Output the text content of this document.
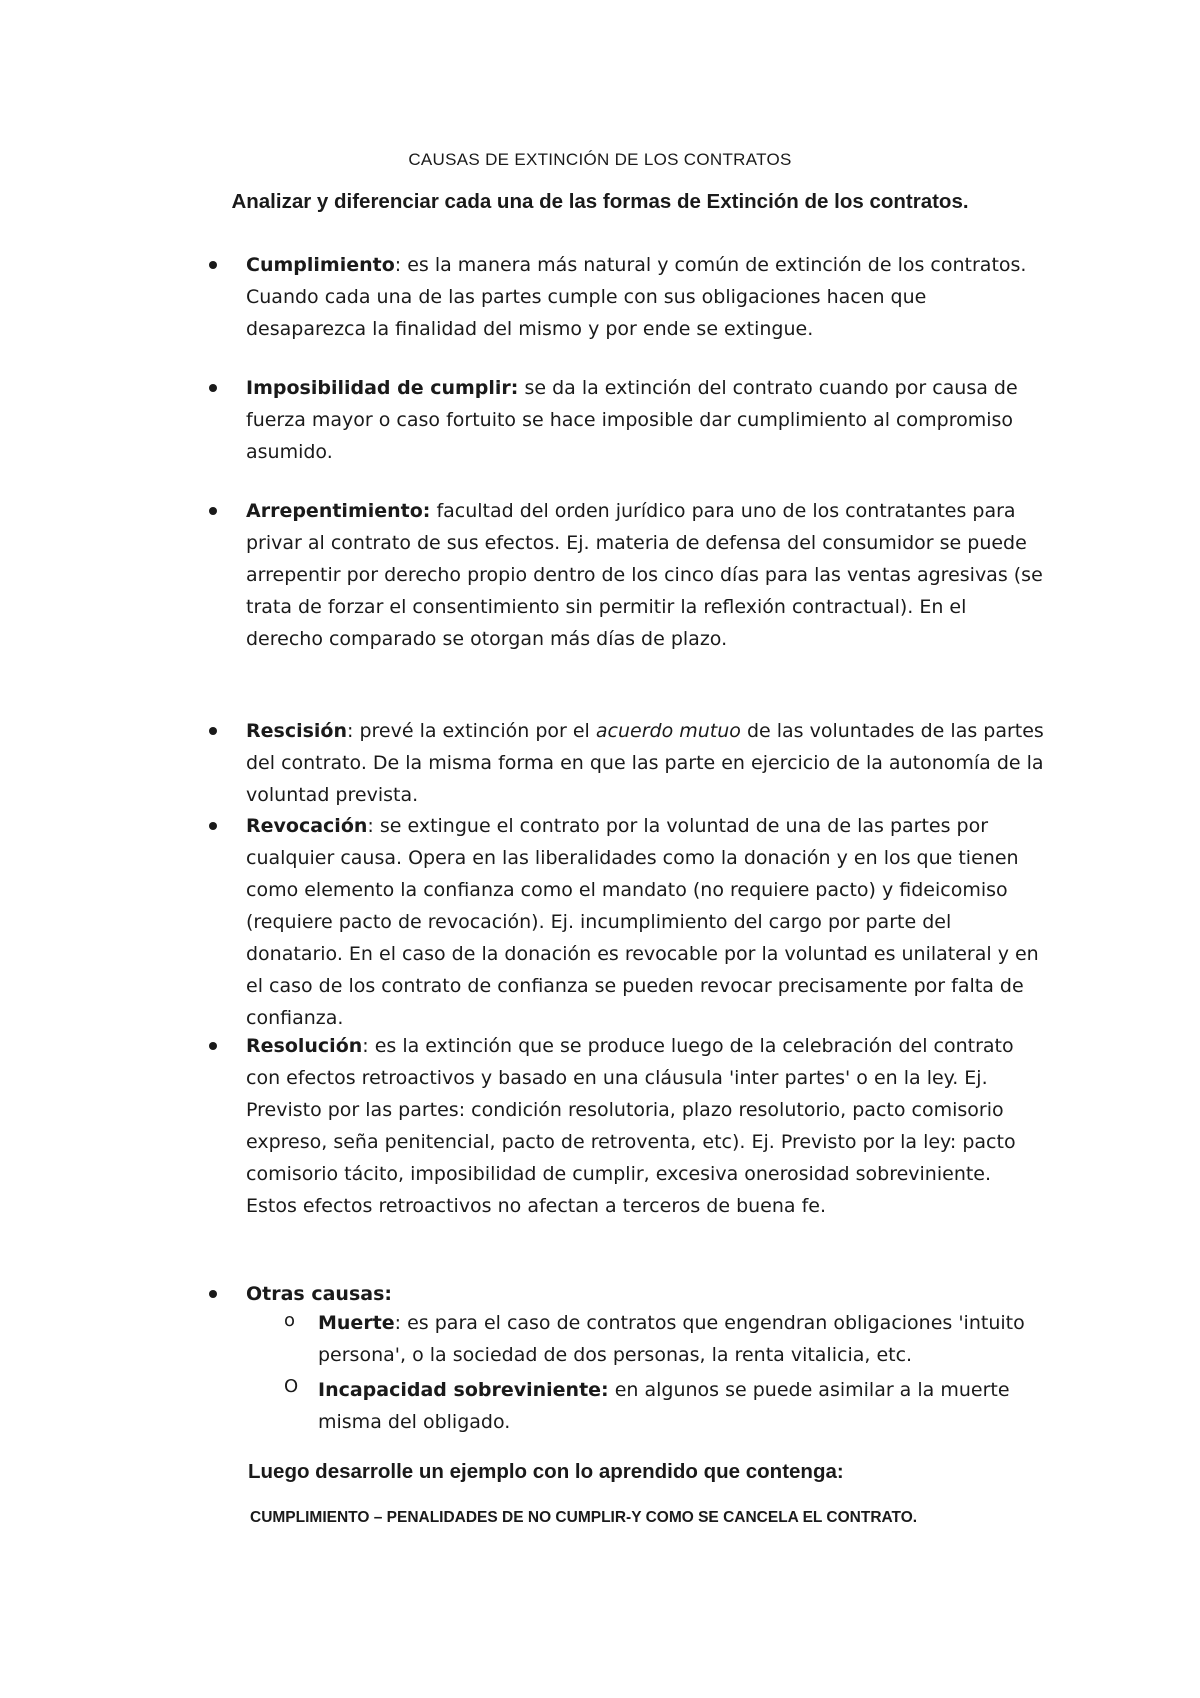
CAUSAS DE EXTINCIÓN DE LOS CONTRATOS
Analizar y diferenciar cada una de las formas de Extinción de los contratos.
Cumplimiento: es la manera más natural y común de extinción de los contratos. Cuando cada una de las partes cumple con sus obligaciones hacen que desaparezca la finalidad del mismo y por ende se extingue.
Imposibilidad de cumplir: se da la extinción del contrato cuando por causa de fuerza mayor o caso fortuito se hace imposible dar cumplimiento al compromiso asumido.
Arrepentimiento: facultad del orden jurídico para uno de los contratantes para privar al contrato de sus efectos. Ej. materia de defensa del consumidor se puede arrepentir por derecho propio dentro de los cinco días para las ventas agresivas (se trata de forzar el consentimiento sin permitir la reflexión contractual). En el derecho comparado se otorgan más días de plazo.
Rescisión: prevé la extinción por el acuerdo mutuo de las voluntades de las partes del contrato. De la misma forma en que las parte en ejercicio de la autonomía de la voluntad prevista.
Revocación: se extingue el contrato por la voluntad de una de las partes por cualquier causa. Opera en las liberalidades como la donación y en los que tienen como elemento la confianza como el mandato (no requiere pacto) y fideicomiso (requiere pacto de revocación). Ej. incumplimiento del cargo por parte del donatario. En el caso de la donación es revocable por la voluntad es unilateral y en el caso de los contrato de confianza se pueden revocar precisamente por falta de confianza.
Resolución: es la extinción que se produce luego de la celebración del contrato con efectos retroactivos y basado en una cláusula 'inter partes' o en la ley. Ej. Previsto por las partes: condición resolutoria, plazo resolutorio, pacto comisorio expreso, seña penitencial, pacto de retroventa, etc). Ej. Previsto por la ley: pacto comisorio tácito, imposibilidad de cumplir, excesiva onerosidad sobreviniente. Estos efectos retroactivos no afectan a terceros de buena fe.
Otras causas:
o Muerte: es para el caso de contratos que engendran obligaciones 'intuito persona', o la sociedad de dos personas, la renta vitalicia, etc.
O Incapacidad sobreviniente: en algunos se puede asimilar a la muerte misma del obligado.
Luego desarrolle un ejemplo con lo aprendido que contenga:
CUMPLIMIENTO – PENALIDADES DE NO CUMPLIR-Y COMO SE CANCELA EL CONTRATO.
